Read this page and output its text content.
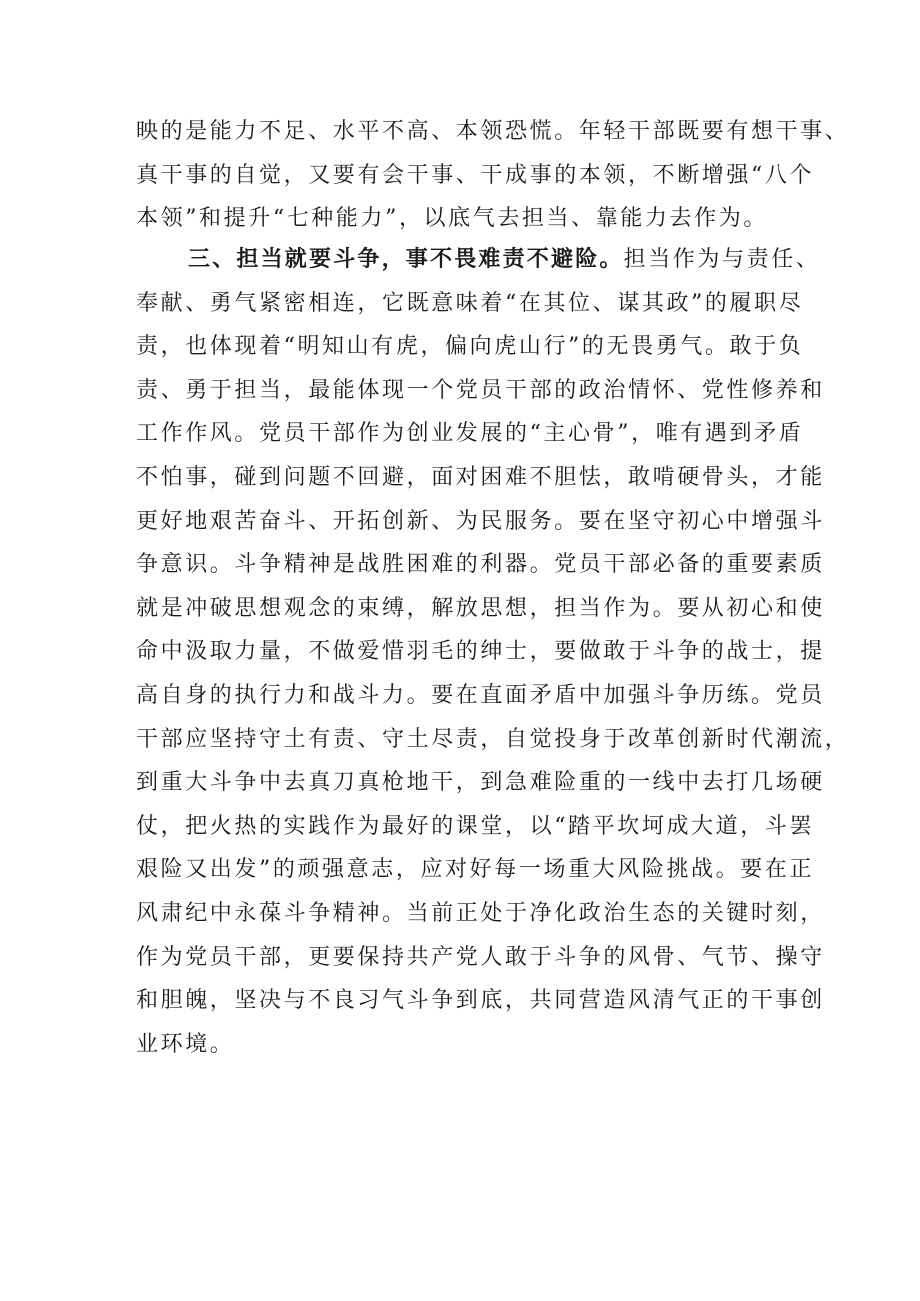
映的是能力不足、水平不高、本领恐慌。年轻干部既要有想干事、
真干事的自觉，又要有会干事、干成事的本领，不断增强“八个
本领”和提升“七种能力”，以底气去担当、靠能力去作为。
三、担当就要斗争，事不畏难责不避险。担当作为与责任、
奉献、勇气紧密相连，它既意味着“在其位、谋其政”的履职尽
责，也体现着“明知山有虎，偏向虎山行”的无畏勇气。敢于负
责、勇于担当，最能体现一个党员干部的政治情怀、党性修养和
工作作风。党员干部作为创业发展的“主心骨”，唯有遇到矛盾
不怕事，碰到问题不回避，面对困难不胆怯，敢啃硬骨头，才能
更好地艰苦奋斗、开拓创新、为民服务。要在坚守初心中增强斗
争意识。斗争精神是战胜困难的利器。党员干部必备的重要素质
就是冲破思想观念的束缚，解放思想，担当作为。要从初心和使
命中汲取力量，不做爱惜羽毛的绅士，要做敢于斗争的战士，提
高自身的执行力和战斗力。要在直面矛盾中加强斗争历练。党员
干部应坚持守土有责、守土尽责，自觉投身于改革创新时代潮流，
到重大斗争中去真刀真枪地干，到急难险重的一线中去打几场硬
仗，把火热的实践作为最好的课堂，以“踏平坎坷成大道，斗罢
艰险又出发”的顽强意志，应对好每一场重大风险挑战。要在正
风肃纪中永葆斗争精神。当前正处于净化政治生态的关键时刻，
作为党员干部，更要保持共产党人敢于斗争的风骨、气节、操守
和胆魄，坚决与不良习气斗争到底，共同营造风清气正的干事创
业环境。
